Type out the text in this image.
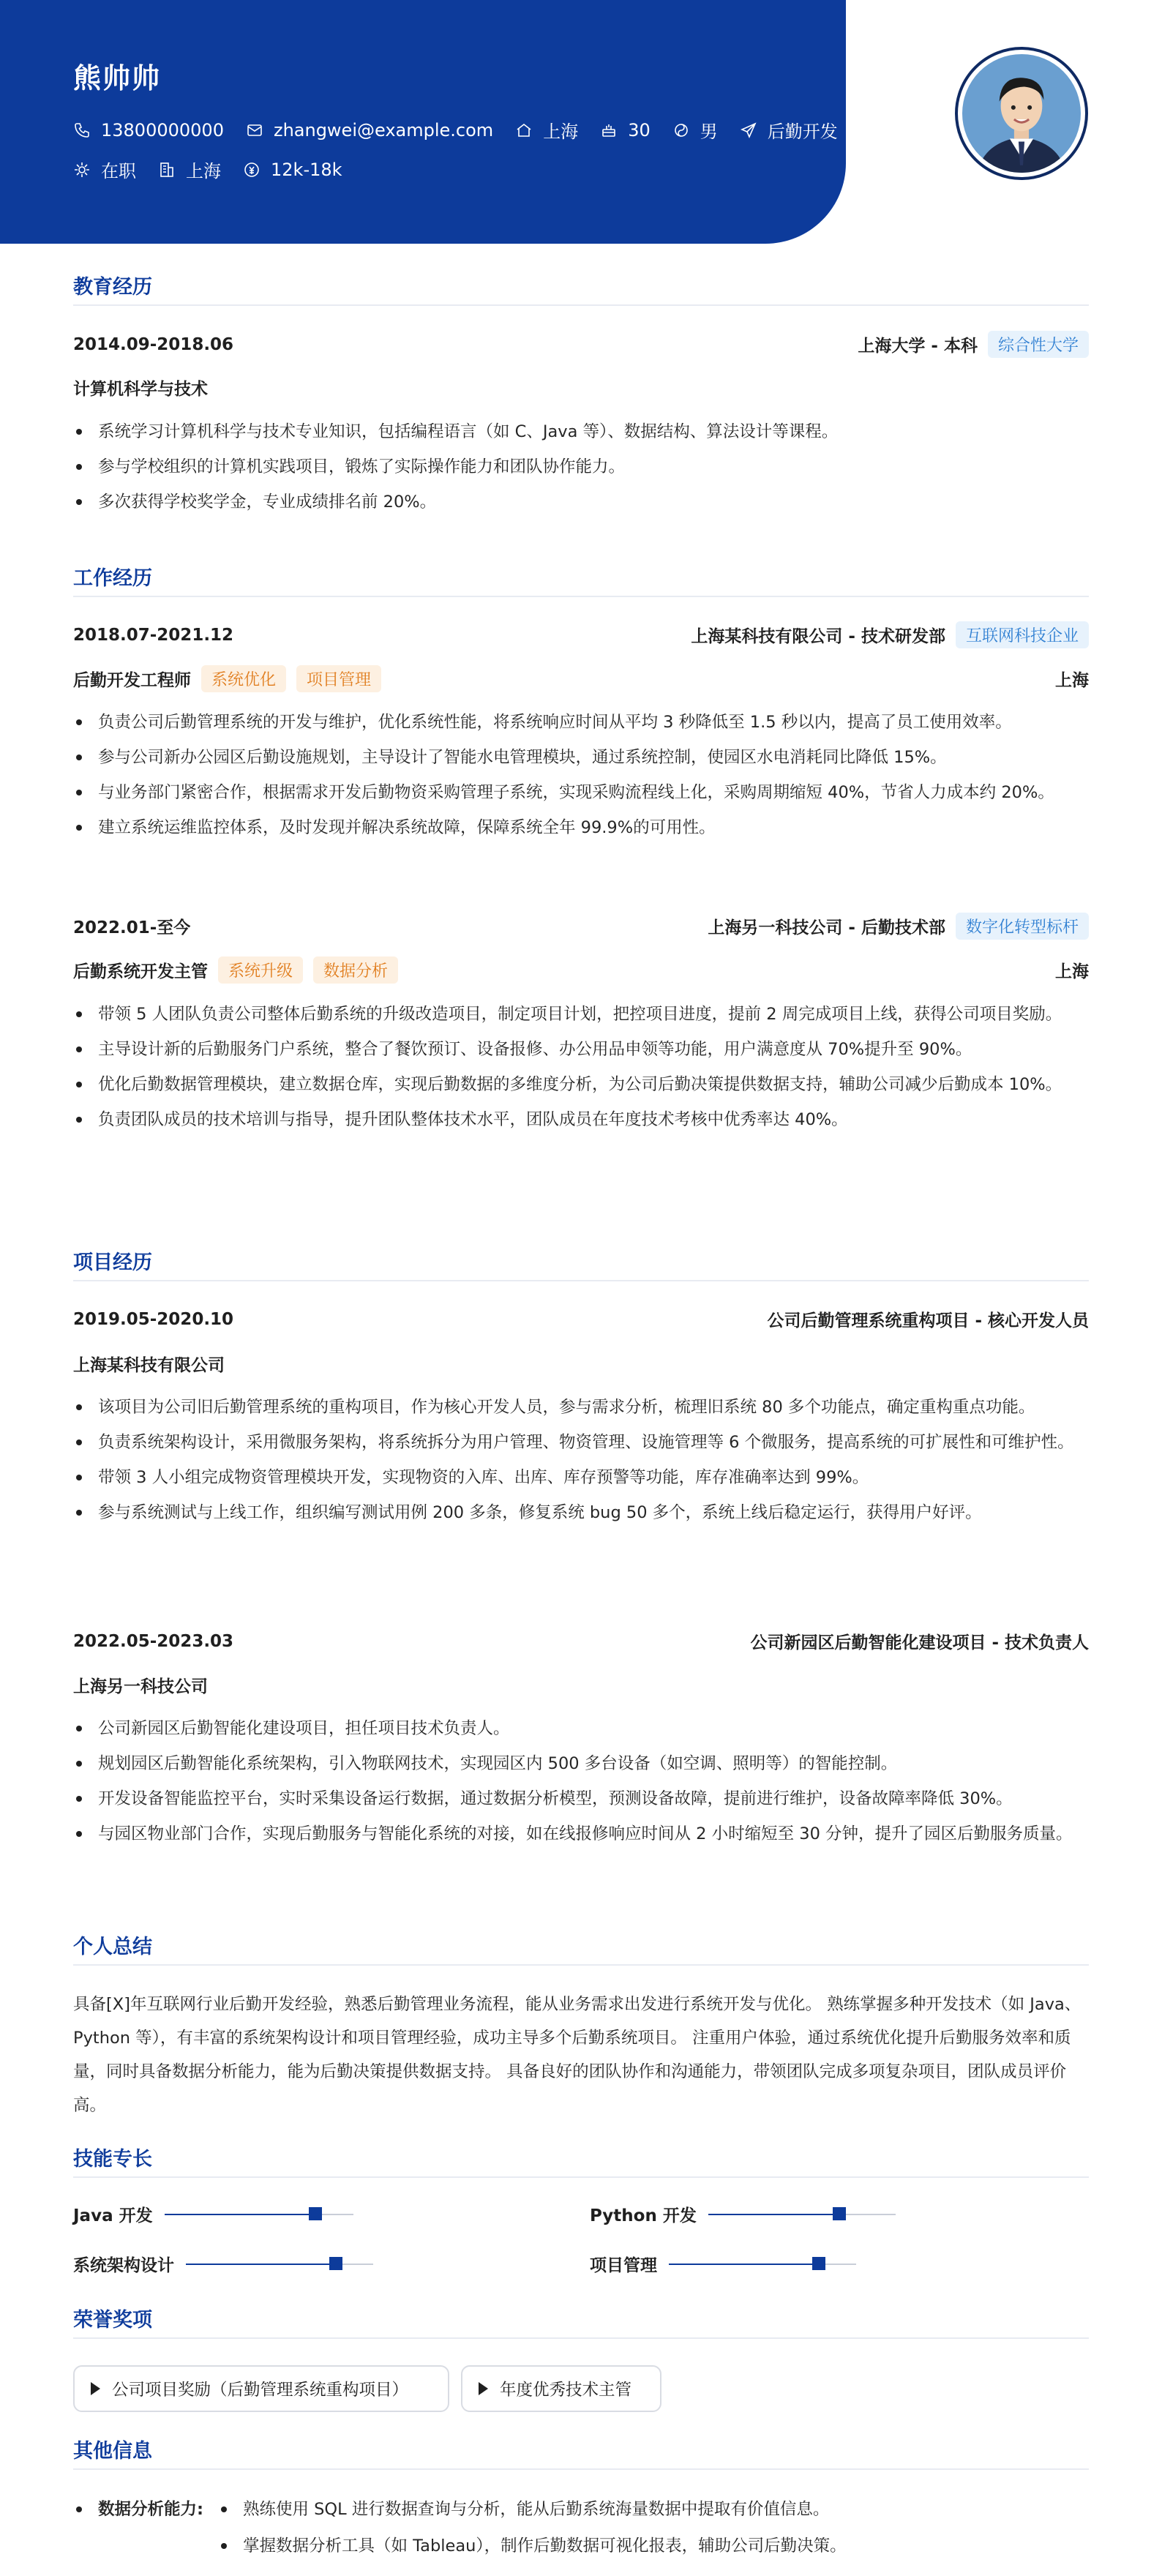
熊帅帅
13800000000	zhangwei@example.com	上海	30	男	后勤开发
在职	上海	12k-18k
教育经历
2014.09-2018.06	上海大学 - 本科	综合性大学
计算机科学与技术
系统学习计算机科学与技术专业知识，包括编程语言（如 C、Java 等）、数据结构、算法设计等课程。
参与学校组织的计算机实践项目，锻炼了实际操作能力和团队协作能力。
多次获得学校奖学金，专业成绩排名前 20%。
工作经历
2018.07-2021.12	上海某科技有限公司 - 技术研发部	互联网科技企业
后勤开发工程师	系统优化	项目管理	上海
负责公司后勤管理系统的开发与维护，优化系统性能，将系统响应时间从平均 3 秒降低至 1.5 秒以内，提高了员工使用效率。
参与公司新办公园区后勤设施规划，主导设计了智能水电管理模块，通过系统控制，使园区水电消耗同比降低 15%。
与业务部门紧密合作，根据需求开发后勤物资采购管理子系统，实现采购流程线上化，采购周期缩短 40%，节省人力成本约 20%。
建立系统运维监控体系，及时发现并解决系统故障，保障系统全年 99.9%的可用性。
2022.01-至今	上海另一科技公司 - 后勤技术部	数字化转型标杆
后勤系统开发主管	系统升级	数据分析	上海
带领 5 人团队负责公司整体后勤系统的升级改造项目，制定项目计划，把控项目进度，提前 2 周完成项目上线，获得公司项目奖励。
主导设计新的后勤服务门户系统，整合了餐饮预订、设备报修、办公用品申领等功能，用户满意度从 70%提升至 90%。
优化后勤数据管理模块，建立数据仓库，实现后勤数据的多维度分析，为公司后勤决策提供数据支持，辅助公司减少后勤成本 10%。
负责团队成员的技术培训与指导，提升团队整体技术水平，团队成员在年度技术考核中优秀率达 40%。
项目经历
2019.05-2020.10	公司后勤管理系统重构项目 - 核心开发人员
上海某科技有限公司
该项目为公司旧后勤管理系统的重构项目，作为核心开发人员，参与需求分析，梳理旧系统 80 多个功能点，确定重构重点功能。
负责系统架构设计，采用微服务架构，将系统拆分为用户管理、物资管理、设施管理等 6 个微服务，提高系统的可扩展性和可维护性。
带领 3 人小组完成物资管理模块开发，实现物资的入库、出库、库存预警等功能，库存准确率达到 99%。
参与系统测试与上线工作，组织编写测试用例 200 多条，修复系统 bug 50 多个，系统上线后稳定运行，获得用户好评。
2022.05-2023.03	公司新园区后勤智能化建设项目 - 技术负责人
上海另一科技公司
公司新园区后勤智能化建设项目，担任项目技术负责人。
规划园区后勤智能化系统架构，引入物联网技术，实现园区内 500 多台设备（如空调、照明等）的智能控制。
开发设备智能监控平台，实时采集设备运行数据，通过数据分析模型，预测设备故障，提前进行维护，设备故障率降低 30%。
与园区物业部门合作，实现后勤服务与智能化系统的对接，如在线报修响应时间从 2 小时缩短至 30 分钟，提升了园区后勤服务质量。
个人总结
具备[X]年互联网行业后勤开发经验，熟悉后勤管理业务流程，能从业务需求出发进行系统开发与优化。 熟练掌握多种开发技术（如 Java、Python 等），有丰富的系统架构设计和项目管理经验，成功主导多个后勤系统项目。 注重用户体验，通过系统优化提升后勤服务效率和质量，同时具备数据分析能力，能为后勤决策提供数据支持。 具备良好的团队协作和沟通能力，带领团队完成多项复杂项目，团队成员评价高。
技能专长
Java 开发	Python 开发
系统架构设计	项目管理
荣誉奖项
公司项目奖励（后勤管理系统重构项目）	年度优秀技术主管
其他信息
数据分析能力: 熟练使用 SQL 进行数据查询与分析，能从后勤系统海量数据中提取有价值信息。
掌握数据分析工具（如 Tableau），制作后勤数据可视化报表，辅助公司后勤决策。
